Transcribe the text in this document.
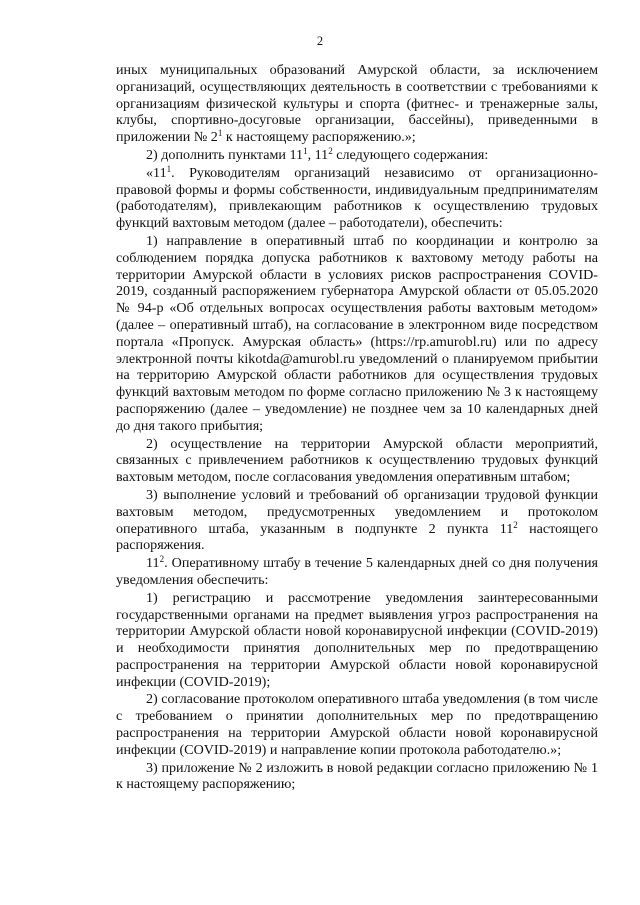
2

иных муниципальных образований Амурской области, за исключением организаций, осуществляющих деятельность в соответствии с требованиями к организациям физической культуры и спорта (фитнес- и тренажерные залы, клубы, спортивно-досуговые организации, бассейны), приведенными в приложении № $2^1$ к настоящему распоряжению.»;

2) дополнить пунктами $11^1$, $11^2$ следующего содержания:

«$11^1$. Руководителям организаций независимо от организационно-правовой формы и формы собственности, индивидуальным предпринимателям (работодателям), привлекающим работников к осуществлению трудовых функций вахтовым методом (далее – работодатели), обеспечить:

1) направление в оперативный штаб по координации и контролю за соблюдением порядка допуска работников к вахтовому методу работы на территории Амурской области в условиях рисков распространения COVID-2019, созданный распоряжением губернатора Амурской области от 05.05.2020 № 94-р «Об отдельных вопросах осуществления работы вахтовым методом» (далее – оперативный штаб), на согласование в электронном виде посредством портала «Пропуск. Амурская область» (https://rp.amurobl.ru) или по адресу электронной почты kikotda@amurobl.ru уведомлений о планируемом прибытии на территорию Амурской области работников для осуществления трудовых функций вахтовым методом по форме согласно приложению № 3 к настоящему распоряжению (далее – уведомление) не позднее чем за 10 календарных дней до дня такого прибытия;

2) осуществление на территории Амурской области мероприятий, связанных с привлечением работников к осуществлению трудовых функций вахтовым методом, после согласования уведомления оперативным штабом;

3) выполнение условий и требований об организации трудовой функции вахтовым методом, предусмотренных уведомлением и протоколом оперативного штаба, указанным в подпункте 2 пункта $11^2$ настоящего распоряжения.

$11^2$. Оперативному штабу в течение 5 календарных дней со дня получения уведомления обеспечить:

1) регистрацию и рассмотрение уведомления заинтересованными государственными органами на предмет выявления угроз распространения на территории Амурской области новой коронавирусной инфекции (COVID-2019) и необходимости принятия дополнительных мер по предотвращению распространения на территории Амурской области новой коронавирусной инфекции (COVID-2019);

2) согласование протоколом оперативного штаба уведомления (в том числе с требованием о принятии дополнительных мер по предотвращению распространения на территории Амурской области новой коронавирусной инфекции (COVID-2019) и направление копии протокола работодателю.»;

3) приложение № 2 изложить в новой редакции согласно приложению № 1 к настоящему распоряжению;
